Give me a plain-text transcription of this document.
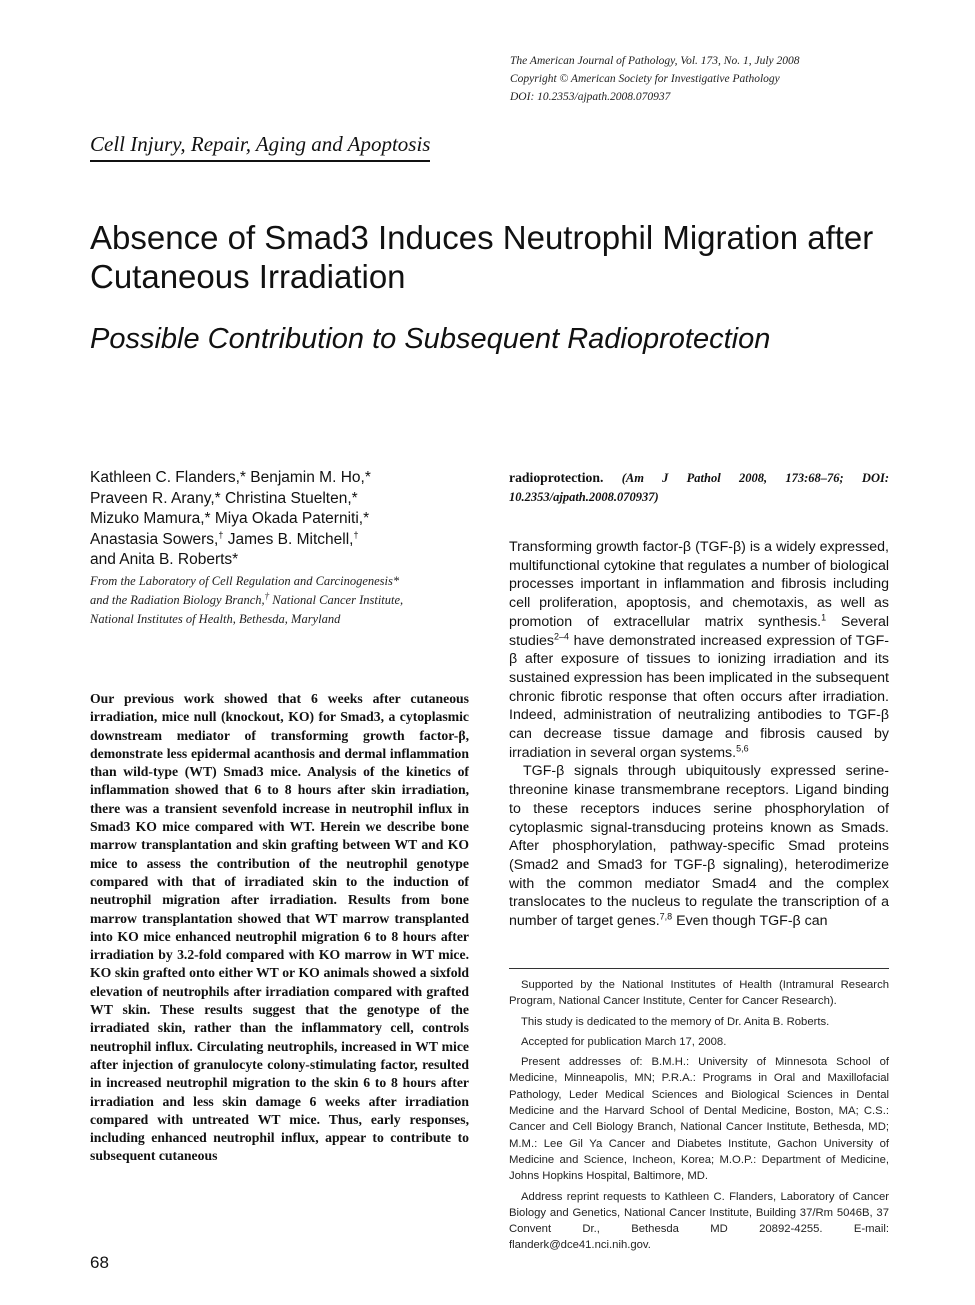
The American Journal of Pathology, Vol. 173, No. 1, July 2008
Copyright © American Society for Investigative Pathology
DOI: 10.2353/ajpath.2008.070937
Cell Injury, Repair, Aging and Apoptosis
Absence of Smad3 Induces Neutrophil Migration after Cutaneous Irradiation
Possible Contribution to Subsequent Radioprotection
Kathleen C. Flanders,* Benjamin M. Ho,*
Praveen R. Arany,* Christina Stuelten,*
Mizuko Mamura,* Miya Okada Paterniti,*
Anastasia Sowers,† James B. Mitchell,†
and Anita B. Roberts*
From the Laboratory of Cell Regulation and Carcinogenesis*
and the Radiation Biology Branch,† National Cancer Institute,
National Institutes of Health, Bethesda, Maryland
Our previous work showed that 6 weeks after cutaneous irradiation, mice null (knockout, KO) for Smad3, a cytoplasmic downstream mediator of transforming growth factor-β, demonstrate less epidermal acanthosis and dermal inflammation than wild-type (WT) Smad3 mice. Analysis of the kinetics of inflammation showed that 6 to 8 hours after skin irradiation, there was a transient sevenfold increase in neutrophil influx in Smad3 KO mice compared with WT. Herein we describe bone marrow transplantation and skin grafting between WT and KO mice to assess the contribution of the neutrophil genotype compared with that of irradiated skin to the induction of neutrophil migration after irradiation. Results from bone marrow transplantation showed that WT marrow transplanted into KO mice enhanced neutrophil migration 6 to 8 hours after irradiation by 3.2-fold compared with KO marrow in WT mice. KO skin grafted onto either WT or KO animals showed a sixfold elevation of neutrophils after irradiation compared with grafted WT skin. These results suggest that the genotype of the irradiated skin, rather than the inflammatory cell, controls neutrophil influx. Circulating neutrophils, increased in WT mice after injection of granulocyte colony-stimulating factor, resulted in increased neutrophil migration to the skin 6 to 8 hours after irradiation and less skin damage 6 weeks after irradiation compared with untreated WT mice. Thus, early responses, including enhanced neutrophil influx, appear to contribute to subsequent cutaneous
radioprotection. (Am J Pathol 2008, 173:68–76; DOI: 10.2353/ajpath.2008.070937)

Transforming growth factor-β (TGF-β) is a widely expressed, multifunctional cytokine that regulates a number of biological processes important in inflammation and fibrosis including cell proliferation, apoptosis, and chemotaxis, as well as promotion of extracellular matrix synthesis.$^1$ Several studies$^{2-4}$ have demonstrated increased expression of TGF-β after exposure of tissues to ionizing irradiation and its sustained expression has been implicated in the subsequent chronic fibrotic response that often occurs after irradiation. Indeed, administration of neutralizing antibodies to TGF-β can decrease tissue damage and fibrosis caused by irradiation in several organ systems.$^{5,6}$

TGF-β signals through ubiquitously expressed serine-threonine kinase transmembrane receptors. Ligand binding to these receptors induces serine phosphorylation of cytoplasmic signal-transducing proteins known as Smads. After phosphorylation, pathway-specific Smad proteins (Smad2 and Smad3 for TGF-β signaling), heterodimerize with the common mediator Smad4 and the complex translocates to the nucleus to regulate the transcription of a number of target genes.$^{7,8}$ Even though TGF-β can

Supported by the National Institutes of Health (Intramural Research Program, National Cancer Institute, Center for Cancer Research).

This study is dedicated to the memory of Dr. Anita B. Roberts.

Accepted for publication March 17, 2008.

Present addresses of: B.M.H.: University of Minnesota School of Medicine, Minneapolis, MN; P.R.A.: Programs in Oral and Maxillofacial Pathology, Leder Medical Sciences and Biological Sciences in Dental Medicine and the Harvard School of Dental Medicine, Boston, MA; C.S.: Cancer and Cell Biology Branch, National Cancer Institute, Bethesda, MD; M.M.: Lee Gil Ya Cancer and Diabetes Institute, Gachon University of Medicine and Science, Incheon, Korea; M.O.P.: Department of Medicine, Johns Hopkins Hospital, Baltimore, MD.

Address reprint requests to Kathleen C. Flanders, Laboratory of Cancer Biology and Genetics, National Cancer Institute, Building 37/Rm 5046B, 37 Convent Dr., Bethesda MD 20892-4255. E-mail: flanderk@dce41.nci.nih.gov.

68
